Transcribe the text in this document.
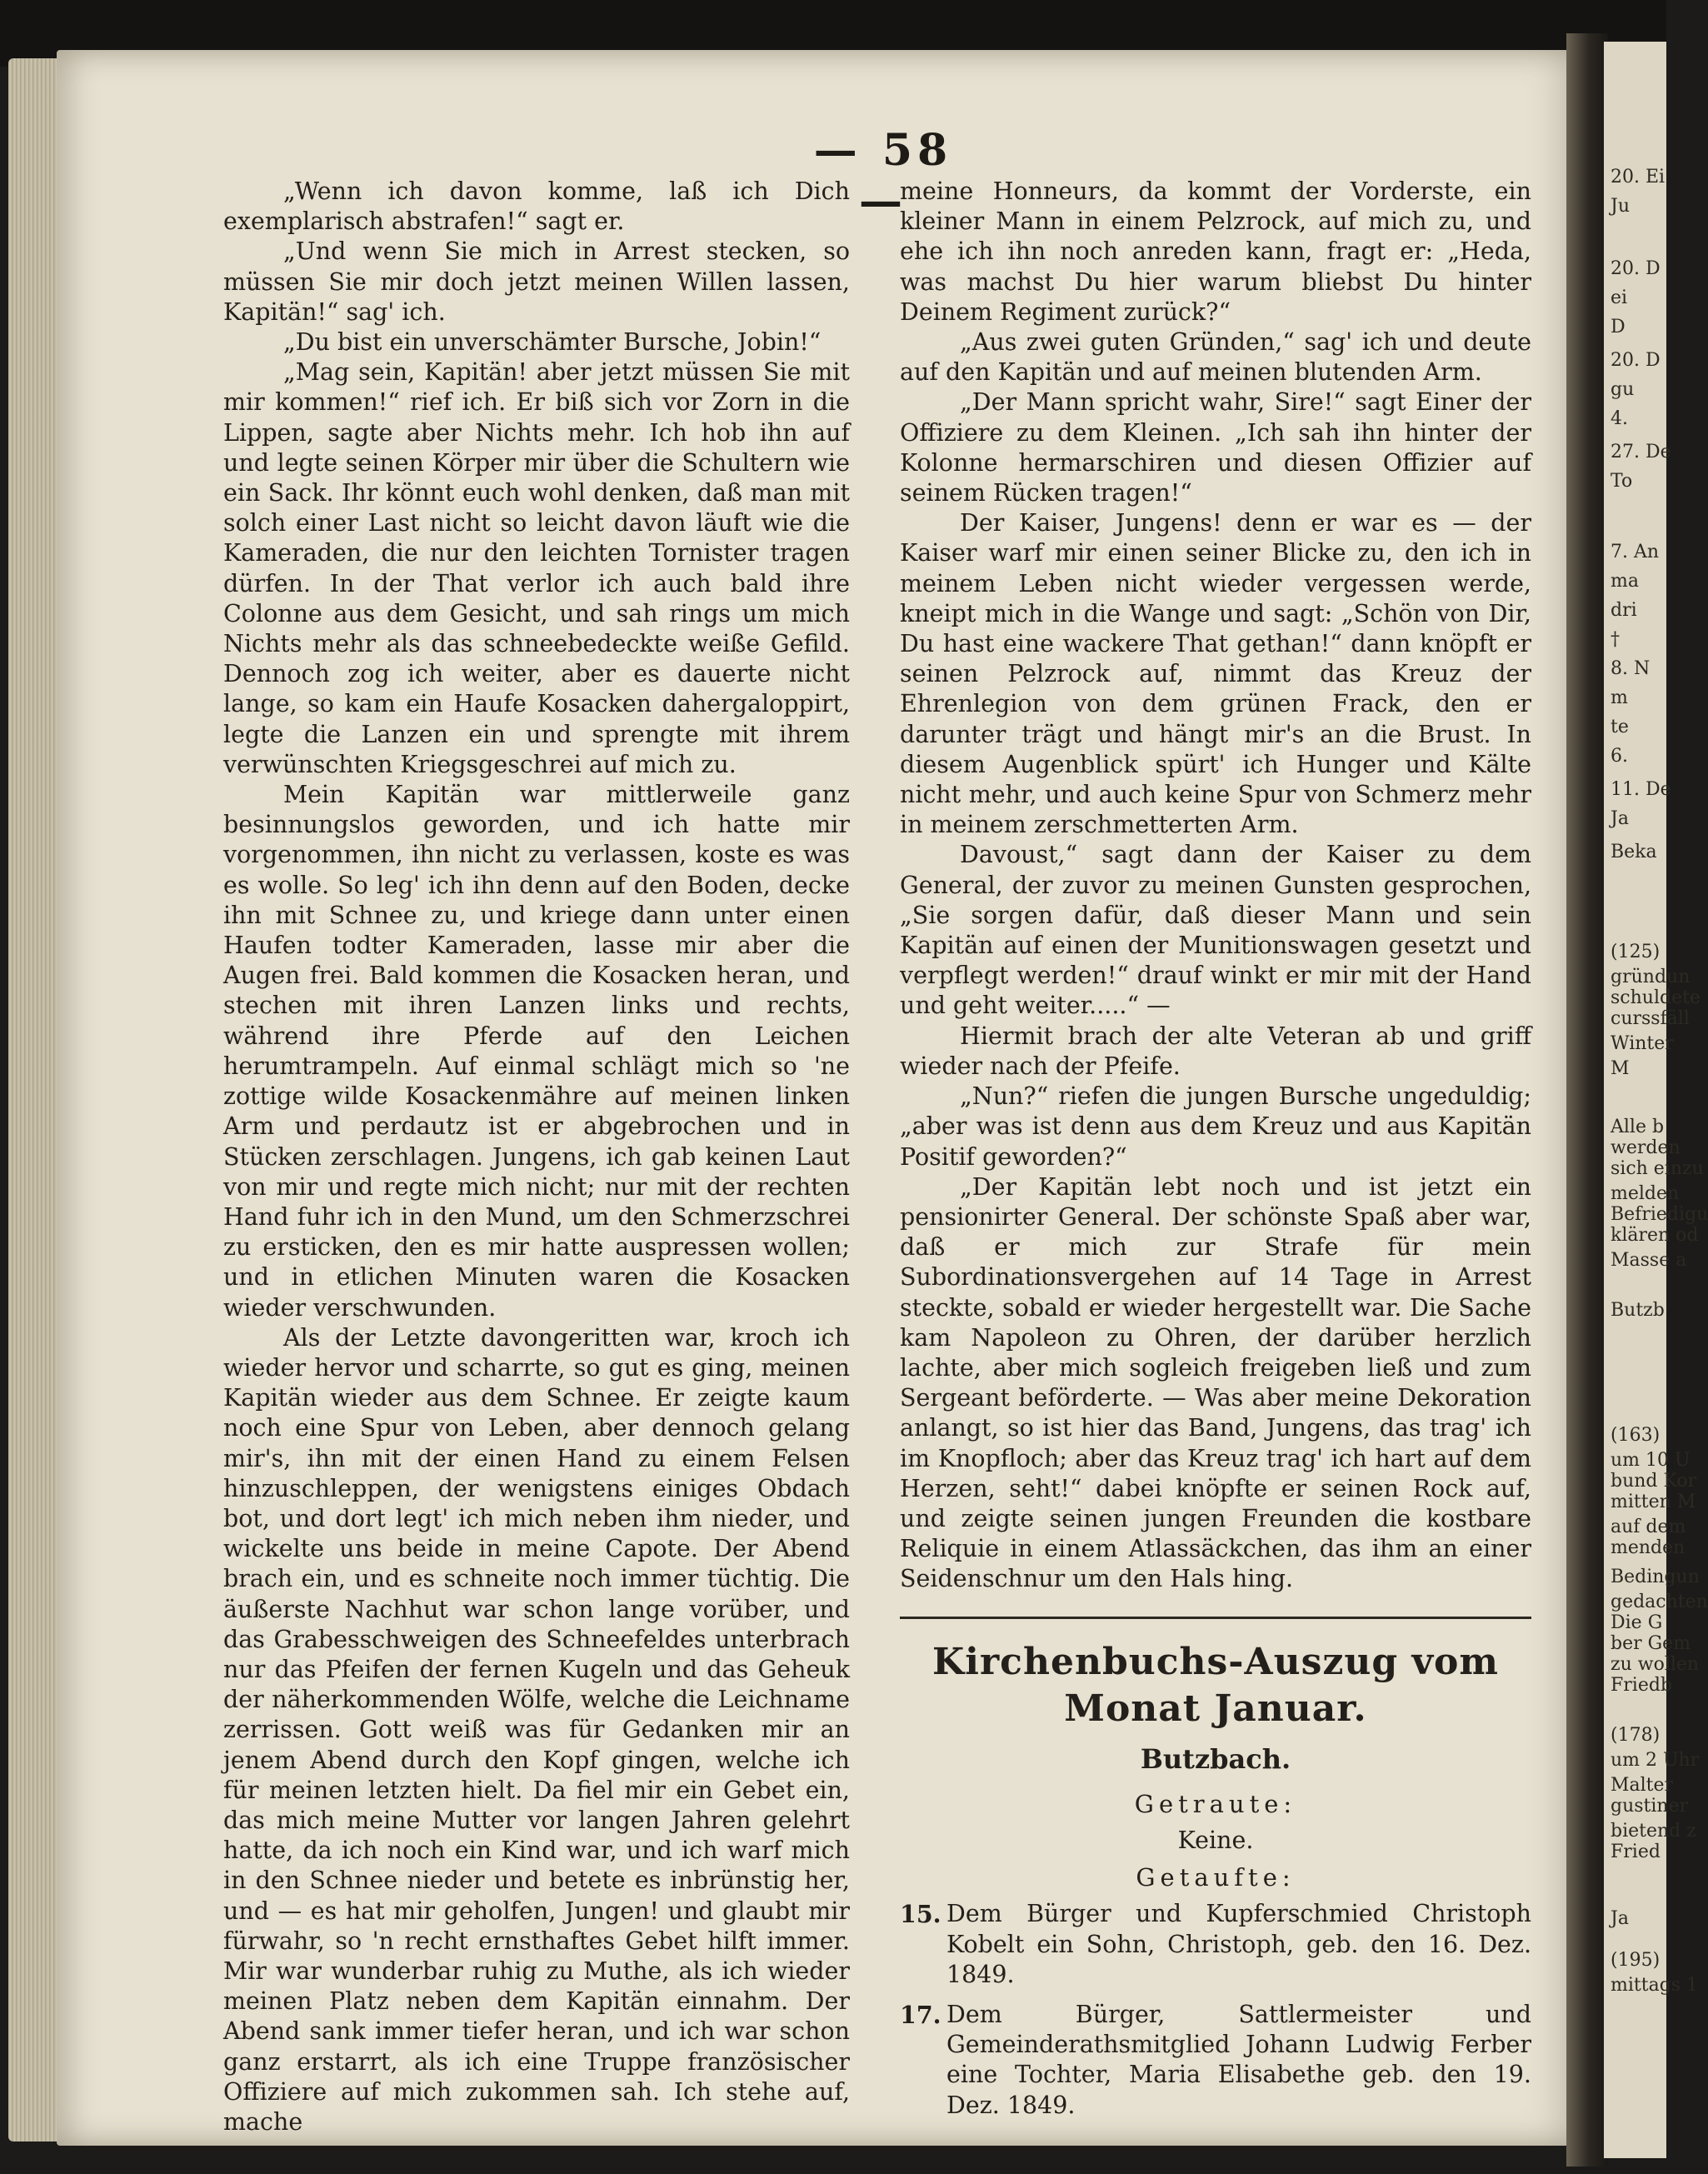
20. Ei
Ju
20. D
ei
D
20. D
gu
4.
27. De
To
7. An
ma
dri
†
8. N
m
te
6.
11. De
Ja
Beka
(125)
gründun
schuldete
curssfäll
Winter
M
Alle b
werden
sich einzu
melden
Befriedigu
klären od
Masse a
Butzb
(163)
um 10 U
bund Kor
mitten M
auf dem
menden
Bedingun
gedachten
Die G
ber Gem
zu wollen
Friedb
(178)
um 2 Uhr
Malter
gustiner
bietend z
Fried
Ja
(195)
mittags 1
— 58 —

„Wenn ich davon komme, laß ich Dich exemplarisch abstrafen!“ sagt er.

„Und wenn Sie mich in Arrest stecken, so müssen Sie mir doch jetzt meinen Willen lassen, Kapitän!“ sag' ich.

„Du bist ein unverschämter Bursche, Jobin!“

„Mag sein, Kapitän! aber jetzt müssen Sie mit mir kommen!“ rief ich. Er biß sich vor Zorn in die Lippen, sagte aber Nichts mehr. Ich hob ihn auf und legte seinen Körper mir über die Schultern wie ein Sack. Ihr könnt euch wohl denken, daß man mit solch einer Last nicht so leicht davon läuft wie die Kameraden, die nur den leichten Tornister tragen dürfen. In der That verlor ich auch bald ihre Colonne aus dem Gesicht, und sah rings um mich Nichts mehr als das schneebedeckte weiße Gefild. Dennoch zog ich weiter, aber es dauerte nicht lange, so kam ein Haufe Kosacken dahergaloppirt, legte die Lanzen ein und sprengte mit ihrem verwünschten Kriegsgeschrei auf mich zu.

Mein Kapitän war mittlerweile ganz besinnungslos geworden, und ich hatte mir vorgenommen, ihn nicht zu verlassen, koste es was es wolle. So leg' ich ihn denn auf den Boden, decke ihn mit Schnee zu, und kriege dann unter einen Haufen todter Kameraden, lasse mir aber die Augen frei. Bald kommen die Kosacken heran, und stechen mit ihren Lanzen links und rechts, während ihre Pferde auf den Leichen herumtrampeln. Auf einmal schlägt mich so 'ne zottige wilde Kosackenmähre auf meinen linken Arm und perdautz ist er abgebrochen und in Stücken zerschlagen. Jungens, ich gab keinen Laut von mir und regte mich nicht; nur mit der rechten Hand fuhr ich in den Mund, um den Schmerzschrei zu ersticken, den es mir hatte auspressen wollen; und in etlichen Minuten waren die Kosacken wieder verschwunden.

Als der Letzte davongeritten war, kroch ich wieder hervor und scharrte, so gut es ging, meinen Kapitän wieder aus dem Schnee. Er zeigte kaum noch eine Spur von Leben, aber dennoch gelang mir's, ihn mit der einen Hand zu einem Felsen hinzuschleppen, der wenigstens einiges Obdach bot, und dort legt' ich mich neben ihm nieder, und wickelte uns beide in meine Capote. Der Abend brach ein, und es schneite noch immer tüchtig. Die äußerste Nachhut war schon lange vorüber, und das Grabesschweigen des Schneefeldes unterbrach nur das Pfeifen der fernen Kugeln und das Geheuk der näherkommenden Wölfe, welche die Leichname zerrissen. Gott weiß was für Gedanken mir an jenem Abend durch den Kopf gingen, welche ich für meinen letzten hielt. Da fiel mir ein Gebet ein, das mich meine Mutter vor langen Jahren gelehrt hatte, da ich noch ein Kind war, und ich warf mich in den Schnee nieder und betete es inbrünstig her, und — es hat mir geholfen, Jungen! und glaubt mir fürwahr, so 'n recht ernsthaftes Gebet hilft immer. Mir war wunderbar ruhig zu Muthe, als ich wieder meinen Platz neben dem Kapitän einnahm. Der Abend sank immer tiefer heran, und ich war schon ganz erstarrt, als ich eine Truppe französischer Offiziere auf mich zukommen sah. Ich stehe auf, mache

meine Honneurs, da kommt der Vorderste, ein kleiner Mann in einem Pelzrock, auf mich zu, und ehe ich ihn noch anreden kann, fragt er: „Heda, was machst Du hier warum bliebst Du hinter Deinem Regiment zurück?“

„Aus zwei guten Gründen,“ sag' ich und deute auf den Kapitän und auf meinen blutenden Arm.

„Der Mann spricht wahr, Sire!“ sagt Einer der Offiziere zu dem Kleinen. „Ich sah ihn hinter der Kolonne hermarschiren und diesen Offizier auf seinem Rücken tragen!“

Der Kaiser, Jungens! denn er war es — der Kaiser warf mir einen seiner Blicke zu, den ich in meinem Leben nicht wieder vergessen werde, kneipt mich in die Wange und sagt: „Schön von Dir, Du hast eine wackere That gethan!“ dann knöpft er seinen Pelzrock auf, nimmt das Kreuz der Ehrenlegion von dem grünen Frack, den er darunter trägt und hängt mir's an die Brust. In diesem Augenblick spürt' ich Hunger und Kälte nicht mehr, und auch keine Spur von Schmerz mehr in meinem zerschmetterten Arm.

Davoust,“ sagt dann der Kaiser zu dem General, der zuvor zu meinen Gunsten gesprochen, „Sie sorgen dafür, daß dieser Mann und sein Kapitän auf einen der Munitionswagen gesetzt und verpflegt werden!“ drauf winkt er mir mit der Hand und geht weiter.....“ —

Hiermit brach der alte Veteran ab und griff wieder nach der Pfeife.

„Nun?“ riefen die jungen Bursche ungeduldig; „aber was ist denn aus dem Kreuz und aus Kapitän Positif geworden?“

„Der Kapitän lebt noch und ist jetzt ein pensionirter General. Der schönste Spaß aber war, daß er mich zur Strafe für mein Subordinationsvergehen auf 14 Tage in Arrest steckte, sobald er wieder hergestellt war. Die Sache kam Napoleon zu Ohren, der darüber herzlich lachte, aber mich sogleich freigeben ließ und zum Sergeant beförderte. — Was aber meine Dekoration anlangt, so ist hier das Band, Jungens, das trag' ich im Knopfloch; aber das Kreuz trag' ich hart auf dem Herzen, seht!“ dabei knöpfte er seinen Rock auf, und zeigte seinen jungen Freunden die kostbare Reliquie in einem Atlassäckchen, das ihm an einer Seidenschnur um den Hals hing.

Kirchenbuchs-Auszug vom Monat Januar.
Butzbach.
Getraute:
Keine.
Getaufte:
15. Dem Bürger und Kupferschmied Christoph Kobelt ein Sohn, Christoph, geb. den 16. Dez. 1849.
17. Dem Bürger, Sattlermeister und Gemeinderathsmitglied Johann Ludwig Ferber eine Tochter, Maria Elisabethe geb. den 19. Dez. 1849.
